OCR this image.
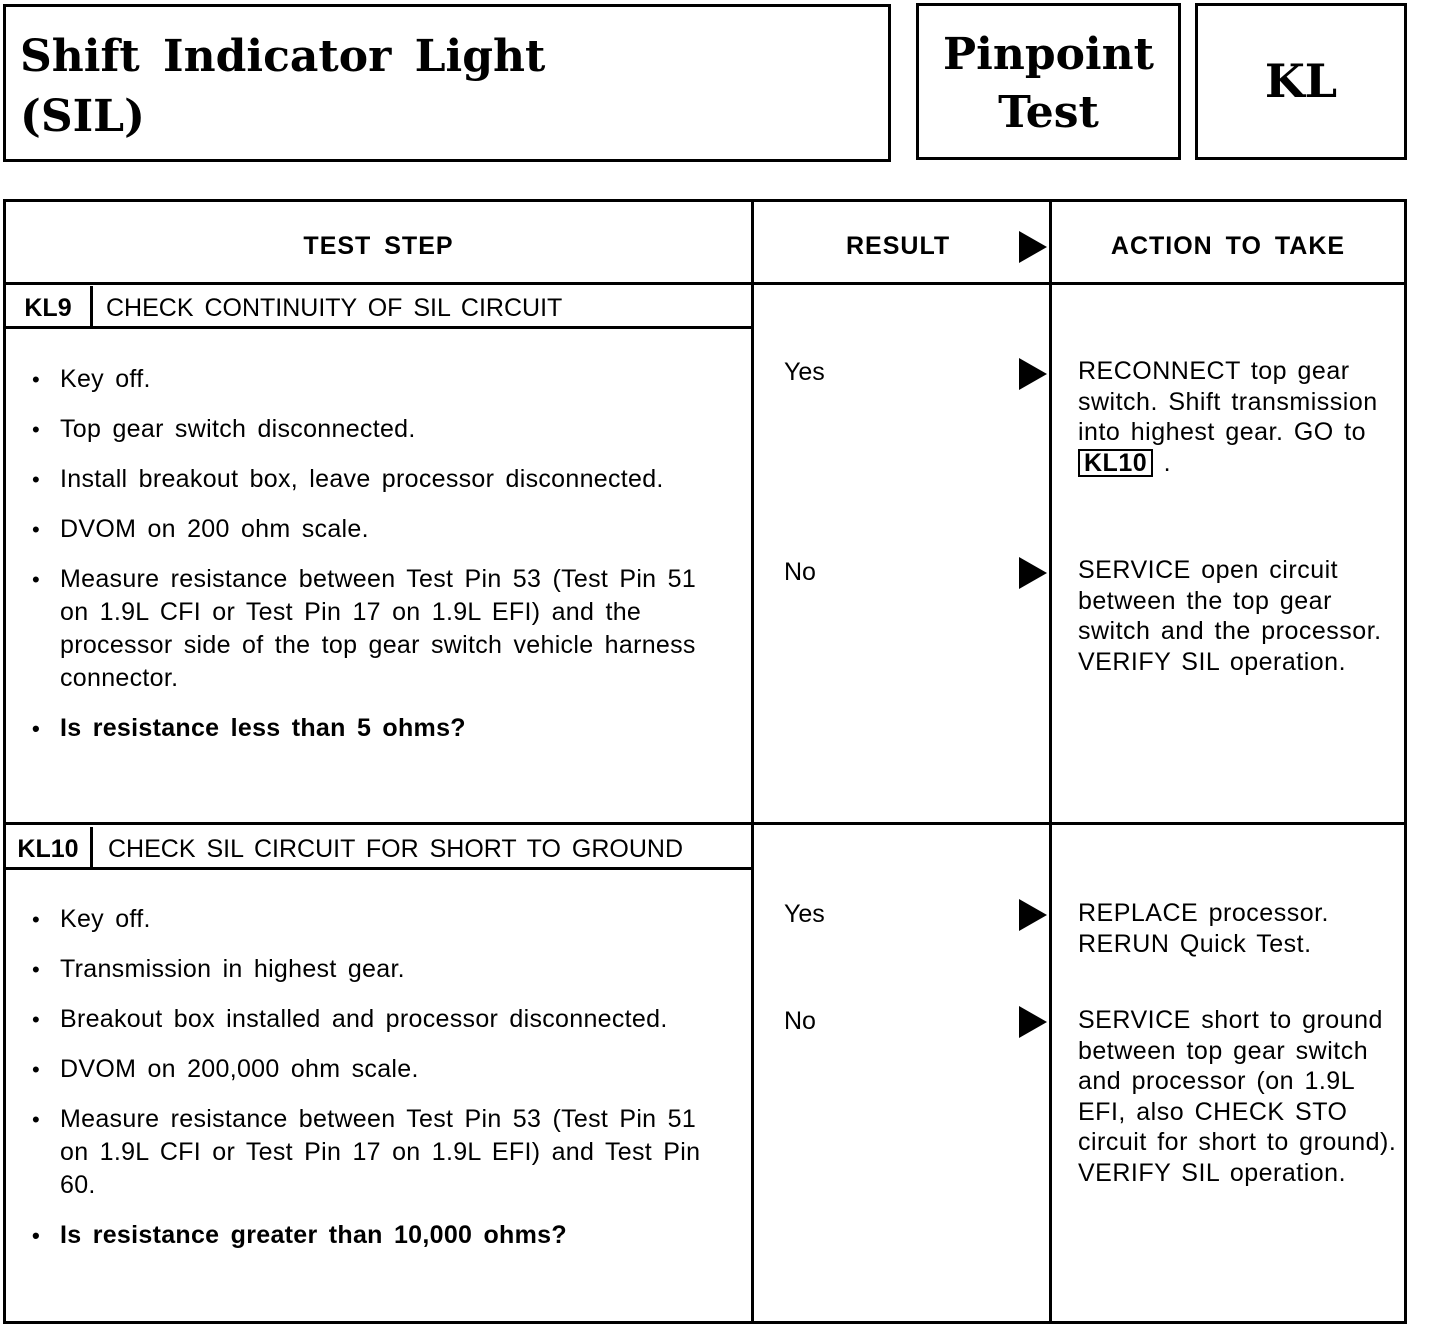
Shift Indicator Light
(SIL)
Pinpoint
Test
KL
TEST STEP	RESULT	ACTION TO TAKE
KL9	CHECK CONTINUITY OF SIL CIRCUIT
• Key off.
• Top gear switch disconnected.
• Install breakout box, leave processor disconnected.
• DVOM on 200 ohm scale.
• Measure resistance between Test Pin 53 (Test Pin 51 on 1.9L CFI or Test Pin 17 on 1.9L EFI) and the processor side of the top gear switch vehicle harness connector.
• Is resistance less than 5 ohms?
Yes	RECONNECT top gear switch. Shift transmission into highest gear. GO to KL10 .
No	SERVICE open circuit between the top gear switch and the processor. VERIFY SIL operation.
KL10	CHECK SIL CIRCUIT FOR SHORT TO GROUND
• Key off.
• Transmission in highest gear.
• Breakout box installed and processor disconnected.
• DVOM on 200,000 ohm scale.
• Measure resistance between Test Pin 53 (Test Pin 51 on 1.9L CFI or Test Pin 17 on 1.9L EFI) and Test Pin 60.
• Is resistance greater than 10,000 ohms?
Yes	REPLACE processor. RERUN Quick Test.
No	SERVICE short to ground between top gear switch and processor (on 1.9L EFI, also CHECK STO circuit for short to ground). VERIFY SIL operation.
